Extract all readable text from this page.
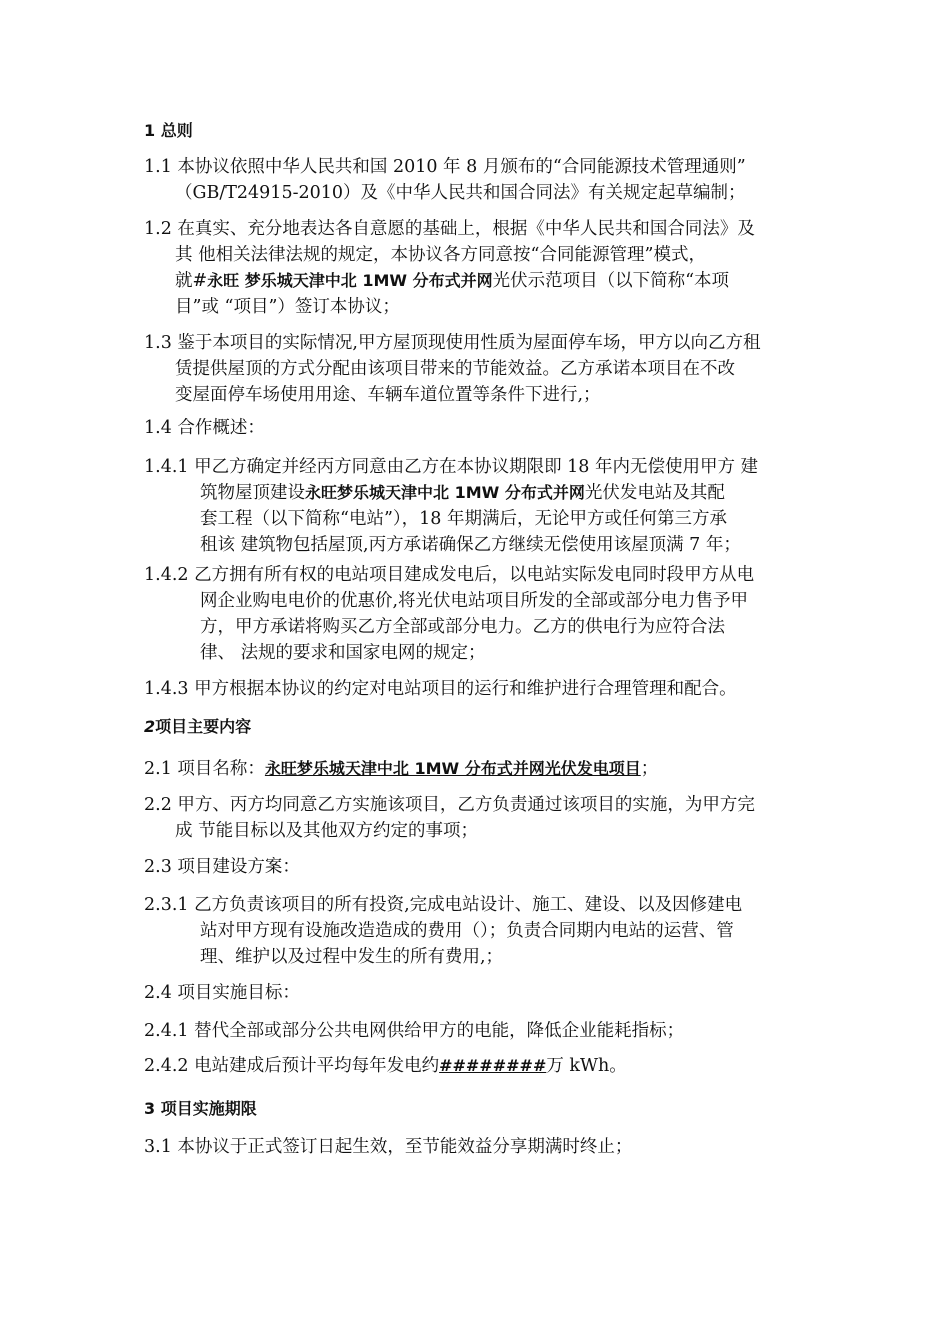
1 总则
1.1 本协议依照中华人民共和国 2010 年 8 月颁布的“合同能源技术管理通则”
（GB/T24915-2010）及《中华人民共和国合同法》有关规定起草编制；
1.2 在真实、充分地表达各自意愿的基础上，根据《中华人民共和国合同法》及
其 他相关法律法规的规定，本协议各方同意按“合同能源管理”模式，
就#永旺 梦乐城天津中北 1MW 分布式并网光伏示范项目（以下简称“本项
目”或 “项目”）签订本协议；
1.3 鉴于本项目的实际情况,甲方屋顶现使用性质为屋面停车场，甲方以向乙方租
赁提供屋顶的方式分配由该项目带来的节能效益。乙方承诺本项目在不改
变屋面停车场使用用途、车辆车道位置等条件下进行,；
1.4 合作概述：
1.4.1 甲乙方确定并经丙方同意由乙方在本协议期限即 18 年内无偿使用甲方 建
筑物屋顶建设永旺梦乐城天津中北 1MW 分布式并网光伏发电站及其配
套工程（以下简称“电站”），18 年期满后，无论甲方或任何第三方承
租该 建筑物包括屋顶,丙方承诺确保乙方继续无偿使用该屋顶满 7 年；
1.4.2 乙方拥有所有权的电站项目建成发电后，以电站实际发电同时段甲方从电
网企业购电电价的优惠价,将光伏电站项目所发的全部或部分电力售予甲
方，甲方承诺将购买乙方全部或部分电力。乙方的供电行为应符合法
律、 法规的要求和国家电网的规定；
1.4.3 甲方根据本协议的约定对电站项目的运行和维护进行合理管理和配合。
2项目主要内容
2.1 项目名称：永旺梦乐城天津中北 1MW 分布式并网光伏发电项目；
2.2 甲方、丙方均同意乙方实施该项目，乙方负责通过该项目的实施，为甲方完
成 节能目标以及其他双方约定的事项；
2.3 项目建设方案：
2.3.1 乙方负责该项目的所有投资,完成电站设计、施工、建设、以及因修建电
站对甲方现有设施改造造成的费用（）；负责合同期内电站的运营、管
理、维护以及过程中发生的所有费用,；
2.4 项目实施目标：
2.4.1 替代全部或部分公共电网供给甲方的电能，降低企业能耗指标；
2.4.2 电站建成后预计平均每年发电约########万 kWh。
3 项目实施期限
3.1 本协议于正式签订日起生效，至节能效益分享期满时终止；
